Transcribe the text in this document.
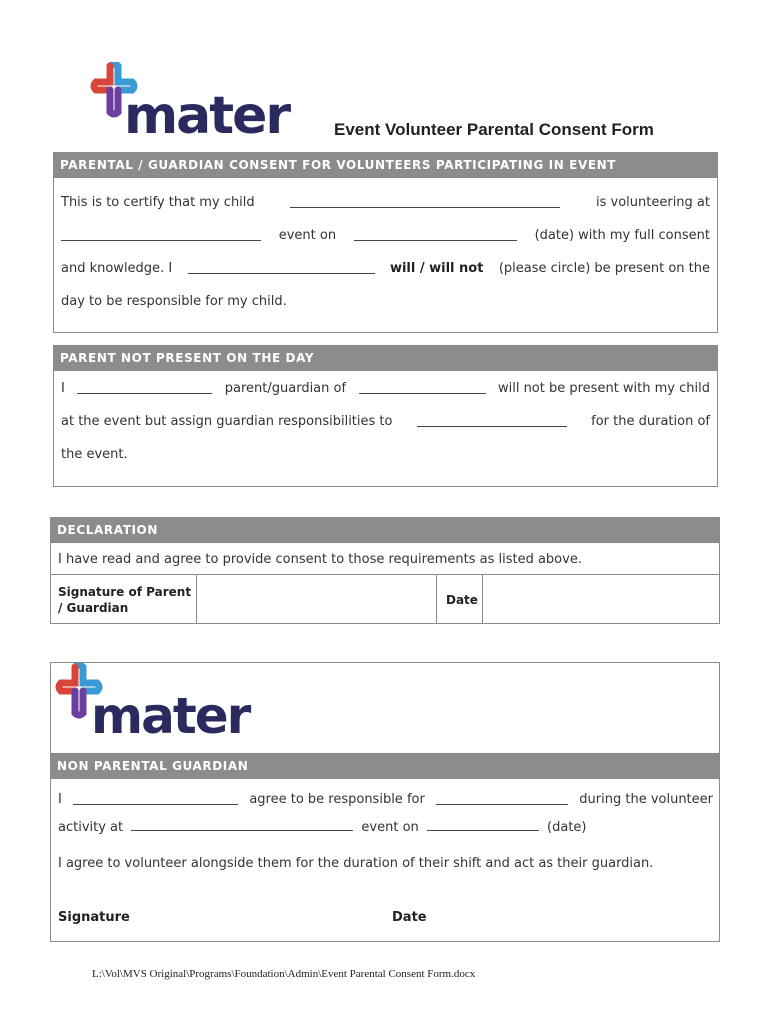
mater	Event Volunteer Parental Consent Form
PARENTAL / GUARDIAN CONSENT FOR VOLUNTEERS PARTICIPATING IN EVENT
This is to certify that my child	is volunteering at
event on	(date) with my full consent
and knowledge. I	will / will not (please circle) be present on the
day to be responsible for my child.
PARENT NOT PRESENT ON THE DAY
I	parent/guardian of	will not be present with my child
at the event but assign guardian responsibilities to	for the duration of
the event.
DECLARATION
I have read and agree to provide consent to those requirements as listed above.
Signature of Parent
/ Guardian
Date
mater
NON PARENTAL GUARDIAN
I	agree to be responsible for	during the volunteer
activity at	event on	(date)
I agree to volunteer alongside them for the duration of their shift and act as their guardian.
Signature	Date
L:\Vol\MVS Original\Programs\Foundation\Admin\Event Parental Consent Form.docx
